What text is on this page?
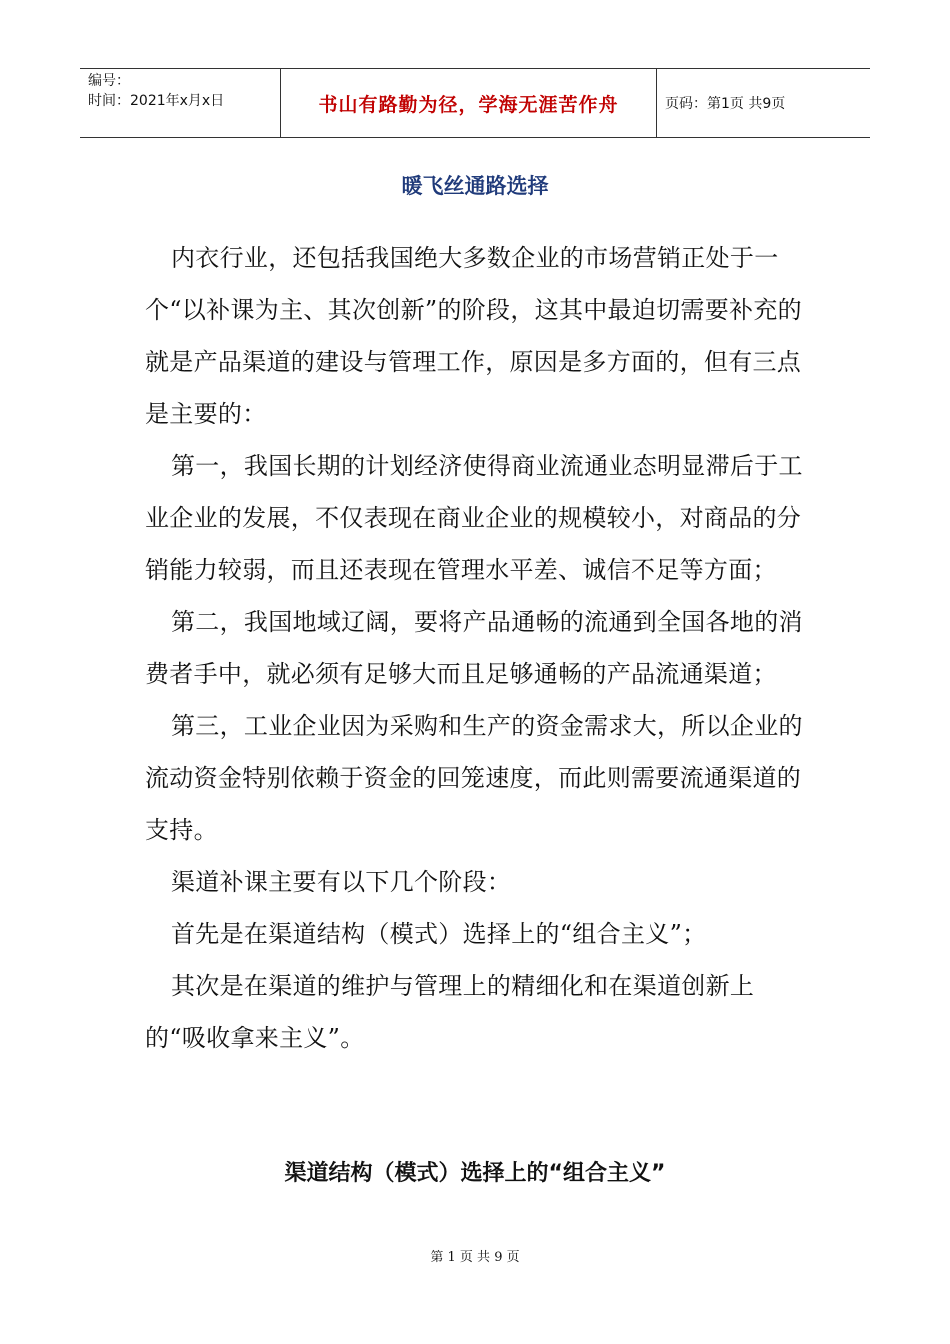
编号：
时间：2021年x月x日	书山有路勤为径，学海无涯苦作舟	页码：第1页 共9页
暖飞丝通路选择

内衣行业，还包括我国绝大多数企业的市场营销正处于一个“以补课为主、其次创新”的阶段，这其中最迫切需要补充的就是产品渠道的建设与管理工作，原因是多方面的，但有三点是主要的：

第一，我国长期的计划经济使得商业流通业态明显滞后于工业企业的发展，不仅表现在商业企业的规模较小，对商品的分销能力较弱，而且还表现在管理水平差、诚信不足等方面；

第二，我国地域辽阔，要将产品通畅的流通到全国各地的消费者手中，就必须有足够大而且足够通畅的产品流通渠道；

第三，工业企业因为采购和生产的资金需求大，所以企业的流动资金特别依赖于资金的回笼速度，而此则需要流通渠道的支持。

渠道补课主要有以下几个阶段：

首先是在渠道结构（模式）选择上的“组合主义”；

其次是在渠道的维护与管理上的精细化和在渠道创新上的“吸收拿来主义”。

渠道结构（模式）选择上的“组合主义”
第 1 页 共 9 页
